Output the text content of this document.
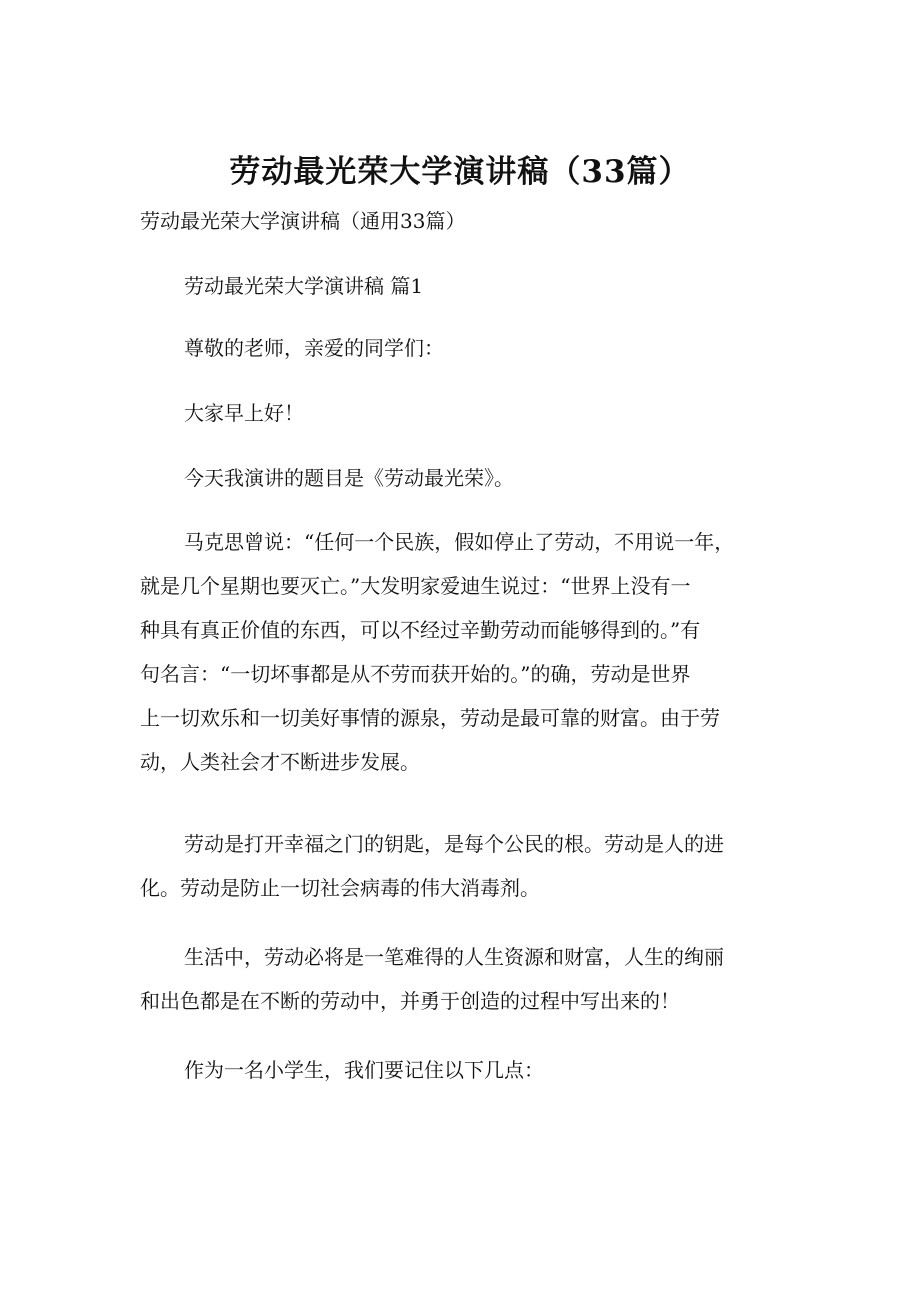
劳动最光荣大学演讲稿（33篇）
劳动最光荣大学演讲稿（通用33篇）
劳动最光荣大学演讲稿 篇1
尊敬的老师，亲爱的同学们：
大家早上好！
今天我演讲的题目是《劳动最光荣》。
马克思曾说：“任何一个民族，假如停止了劳动，不用说一年，
就是几个星期也要灭亡。”大发明家爱迪生说过：“世界上没有一
种具有真正价值的东西，可以不经过辛勤劳动而能够得到的。”有
句名言：“一切坏事都是从不劳而获开始的。”的确，劳动是世界
上一切欢乐和一切美好事情的源泉，劳动是最可靠的财富。由于劳
动，人类社会才不断进步发展。
劳动是打开幸福之门的钥匙，是每个公民的根。劳动是人的进
化。劳动是防止一切社会病毒的伟大消毒剂。
生活中，劳动必将是一笔难得的人生资源和财富，人生的绚丽
和出色都是在不断的劳动中，并勇于创造的过程中写出来的！
作为一名小学生，我们要记住以下几点：
